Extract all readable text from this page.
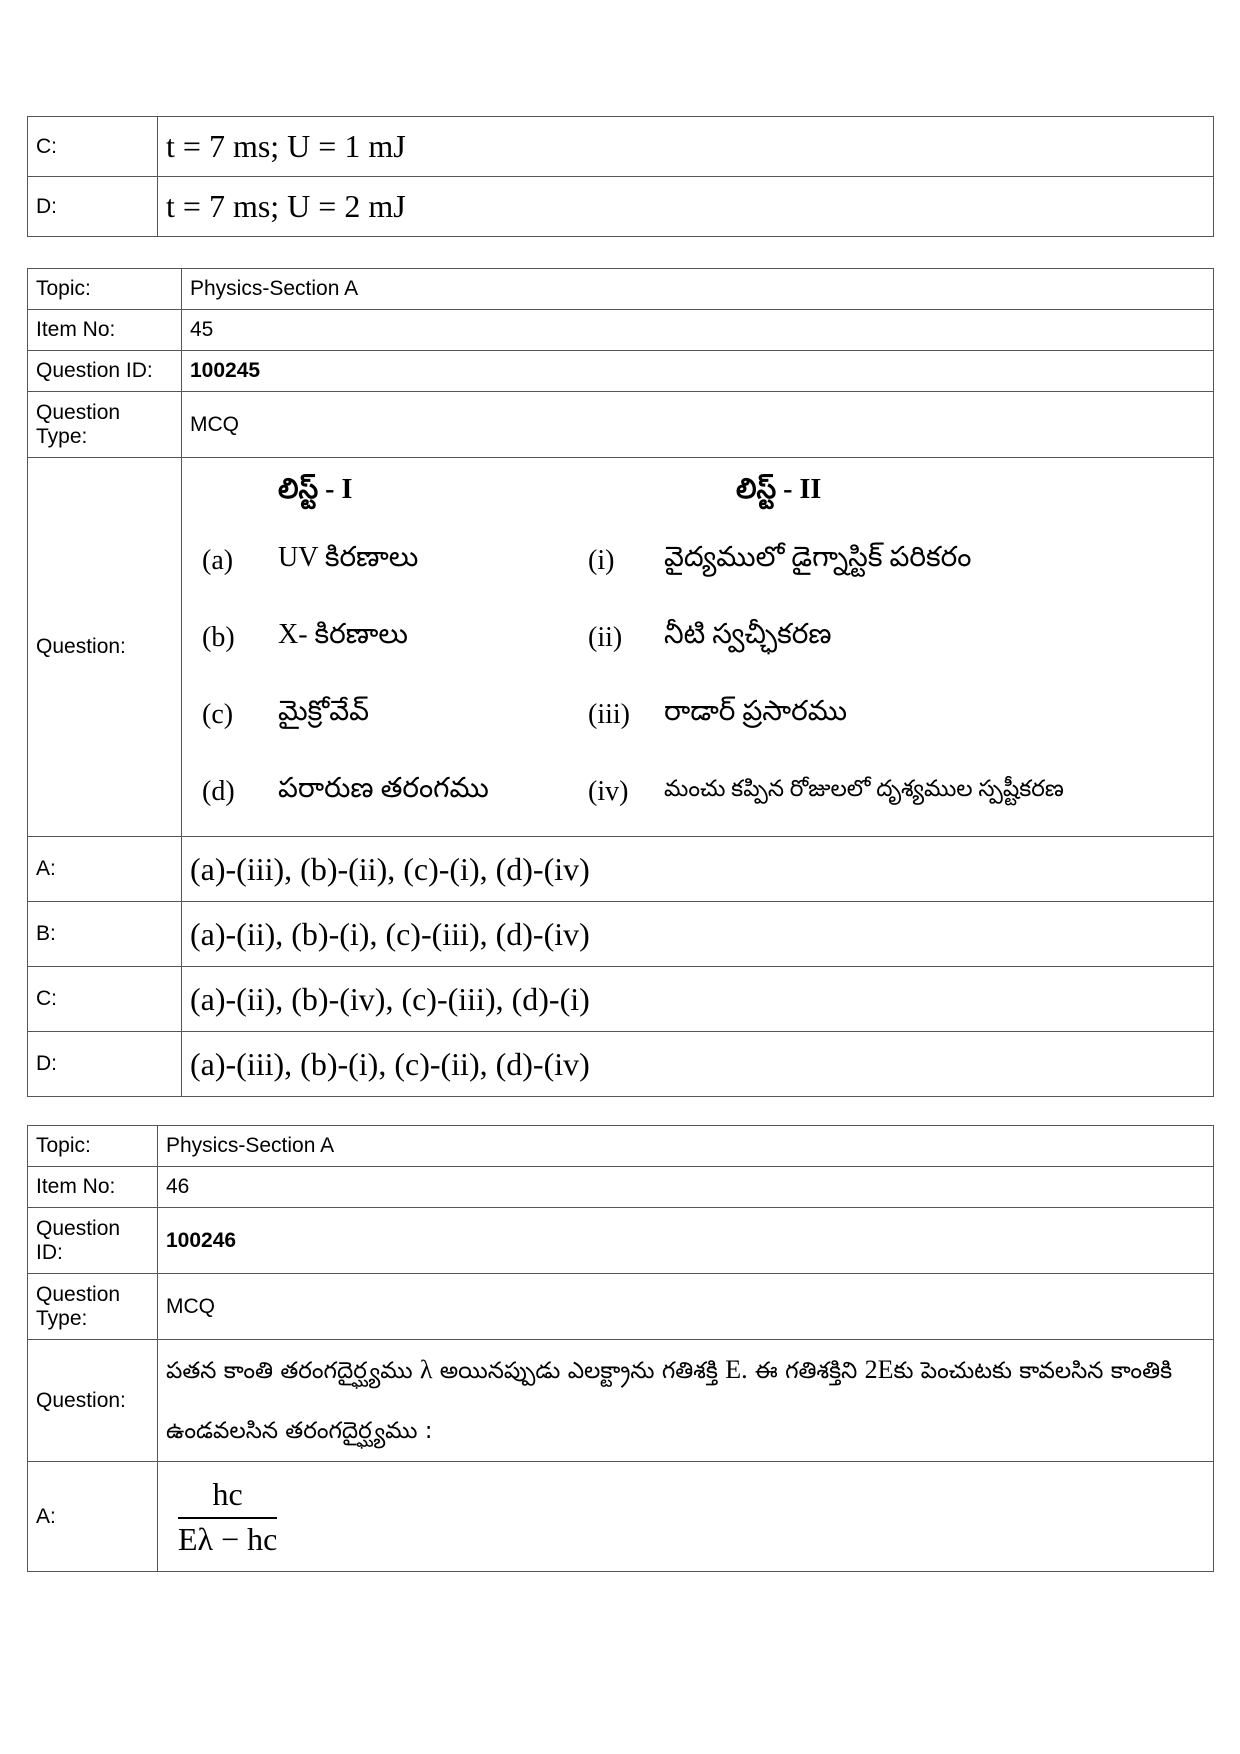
C:	t = 7 ms; U = 1 mJ
D:	t = 7 ms; U = 2 mJ
Topic:	Physics-Section A
Item No:	45
Question ID:	100245
Question Type:	MCQ
Question:	
	లిస్ట్ - I		లిస్ట్ - II
(a)	UV కిరణాలు	(i)	వైద్యములో డైగ్నాస్టిక్ పరికరం
(b)	X- కిరణాలు	(ii)	నీటి స్వచ్ఛీకరణ
(c)	మైక్రోవేవ్	(iii)	రాడార్ ప్రసారము
(d)	పరారుణ తరంగము	(iv)	మంచు కప్పిన రోజులలో దృశ్యముల స్పష్టీకరణ

A:	(a)-(iii), (b)-(ii), (c)-(i), (d)-(iv)
B:	(a)-(ii), (b)-(i), (c)-(iii), (d)-(iv)
C:	(a)-(ii), (b)-(iv), (c)-(iii), (d)-(i)
D:	(a)-(iii), (b)-(i), (c)-(ii), (d)-(iv)
Topic:	Physics-Section A
Item No:	46
Question ID:	100246
Question Type:	MCQ
Question:	పతన కాంతి తరంగదైర్ఘ్యము λ అయినప్పుడు ఎలక్ట్రాను గతిశక్తి E. ఈ గతిశక్తిని 2Eకు పెంచుటకు కావలసిన కాంతికి ఉండవలసిన తరంగదైర్ఘ్యము :
A:	$\frac{hc}{E\lambda - hc}$
